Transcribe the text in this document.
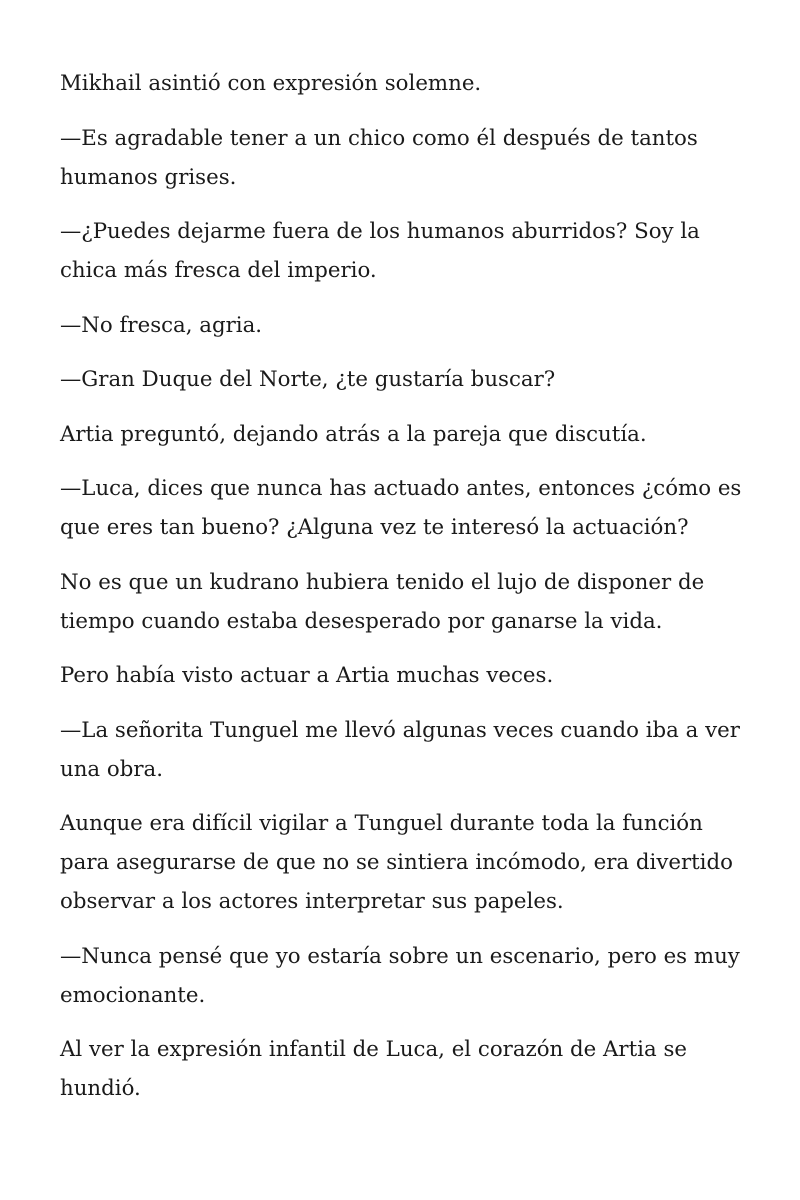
Mikhail asintió con expresión solemne.

—Es agradable tener a un chico como él después de tantos humanos grises.

—¿Puedes dejarme fuera de los humanos aburridos? Soy la chica más fresca del imperio.

—No fresca, agria.

—Gran Duque del Norte, ¿te gustaría buscar?

Artia preguntó, dejando atrás a la pareja que discutía.

—Luca, dices que nunca has actuado antes, entonces ¿cómo es que eres tan bueno? ¿Alguna vez te interesó la actuación?

No es que un kudrano hubiera tenido el lujo de disponer de tiempo cuando estaba desesperado por ganarse la vida.

Pero había visto actuar a Artia muchas veces.

—La señorita Tunguel me llevó algunas veces cuando iba a ver una obra.

Aunque era difícil vigilar a Tunguel durante toda la función para asegurarse de que no se sintiera incómodo, era divertido observar a los actores interpretar sus papeles.

—Nunca pensé que yo estaría sobre un escenario, pero es muy emocionante.

Al ver la expresión infantil de Luca, el corazón de Artia se hundió.
